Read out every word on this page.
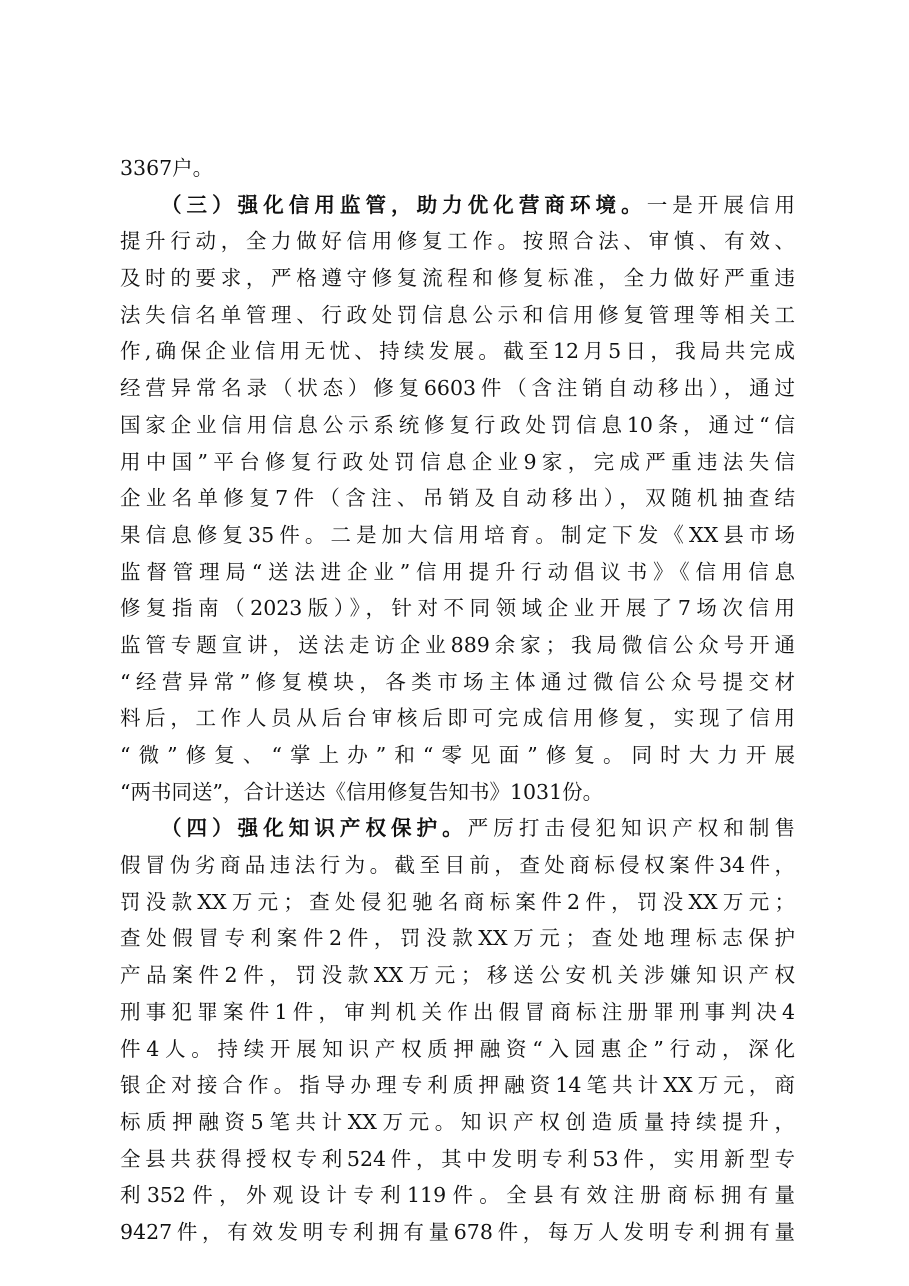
3367户。
（三）强化信用监管，助力优化营商环境。一是开展信用
提升行动，全力做好信用修复工作。按照合法、审慎、有效、
及时的要求，严格遵守修复流程和修复标准，全力做好严重违
法失信名单管理、行政处罚信息公示和信用修复管理等相关工
作,确保企业信用无忧、持续发展。截至12月5日，我局共完成
经营异常名录（状态）修复6603件（含注销自动移出），通过
国家企业信用信息公示系统修复行政处罚信息10条，通过“信
用中国”平台修复行政处罚信息企业9家，完成严重违法失信
企业名单修复7件（含注、吊销及自动移出），双随机抽查结
果信息修复35件。二是加大信用培育。制定下发《XX县市场
监督管理局“送法进企业”信用提升行动倡议书》《信用信息
修复指南（2023版）》，针对不同领域企业开展了7场次信用
监管专题宣讲，送法走访企业889余家；我局微信公众号开通
“经营异常”修复模块，各类市场主体通过微信公众号提交材
料后，工作人员从后台审核后即可完成信用修复，实现了信用
“微”修复、“掌上办”和“零见面”修复。同时大力开展
“两书同送”，合计送达《信用修复告知书》1031份。
（四）强化知识产权保护。严厉打击侵犯知识产权和制售
假冒伪劣商品违法行为。截至目前，查处商标侵权案件34件，
罚没款XX万元；查处侵犯驰名商标案件2件，罚没XX万元；
查处假冒专利案件2件，罚没款XX万元；查处地理标志保护
产品案件2件，罚没款XX万元；移送公安机关涉嫌知识产权
刑事犯罪案件1件，审判机关作出假冒商标注册罪刑事判决4
件4人。持续开展知识产权质押融资“入园惠企”行动，深化
银企对接合作。指导办理专利质押融资14笔共计XX万元，商
标质押融资5笔共计XX万元。知识产权创造质量持续提升，
全县共获得授权专利524件，其中发明专利53件，实用新型专
利352件，外观设计专利119件。全县有效注册商标拥有量
9427件，有效发明专利拥有量678件，每万人发明专利拥有量
